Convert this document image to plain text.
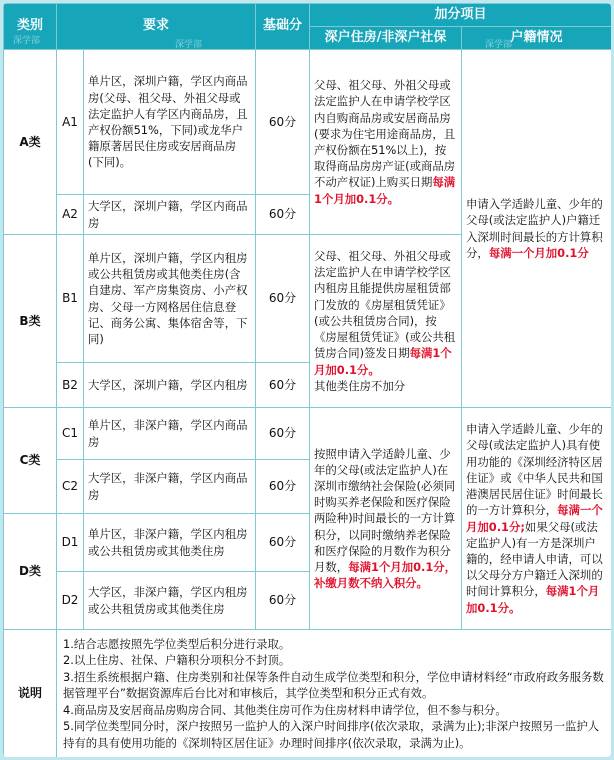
类别	要求		基础分	加分项目	
				深户住房/非深户社保	户籍情况
A类	A1	单片区，深圳户籍，学区内商品房(父母、祖父母、外祖父母或法定监护人有学区内商品房，且产权份额51%，下同)或龙华户籍原著居民住房或安居商品房(下同)。	60分	父母、祖父母、外祖父母或法定监护人在申请学校学区内自购商品房或安居商品房(要求为住宅用途商品房，且产权份额在51%以上)，按取得商品房房产证(或商品房不动产权证)上购买日期每满1个月加0.1分。	申请入学适龄儿童、少年的父母(或法定监护人)户籍迁入深圳时间最长的方计算积分，每满一个月加0.1分
	A2	大学区，深圳户籍，学区内商品房	60分		
B类	B1	单片区，深圳户籍，学区内租房或公共租赁房或其他类住房(含自建房、军产房集资房、小产权房、父母一方网格居住信息登记、商务公寓、集体宿舍等，下同)	60分	父母、祖父母、外祖父母或法定监护人在申请学校学区内租房且能提供房屋租赁部门发放的《房屋租赁凭证》(或公共租赁房合同)，按《房屋租赁凭证》(或公共租赁房合同)签发日期每满1个月加0.1分。
其他类住房不加分	
	B2	大学区，深圳户籍，学区内租房	60分		
C类	C1	单片区，非深户籍，学区内商品房	60分	按照申请入学适龄儿童、少年的父母(或法定监护人)在深圳市缴纳社会保险(必须同时购买养老保险和医疗保险两险种)时间最长的一方计算积分，以同时缴纳养老保险和医疗保险的月数作为积分月数，每满1个月加0.1分，补缴月数不纳入积分。	申请入学适龄儿童、少年的父母(或法定监护人)具有使用功能的《深圳经济特区居住证》或《中华人民共和国港澳居民居住证》时间最长的一方计算积分，每满一个月加0.1分;如果父母(或法定监护人)有一方是深圳户籍的，经申请人申请，可以以父母分方户籍迁入深圳的时间计算积分，每满1个月加0.1分。
	C2	大学区，非深户籍，学区内商品房	60分		
D类	D1	单片区，非深户籍，学区内租房或公共租赁房或其他类住房	60分		
	D2	大学区，非深户籍，学区内租房或公共租赁房或其他类住房	60分		
说明	1.结合志愿按照先学位类型后积分进行录取。
2.以上住房、社保、户籍积分项积分不封顶。
3.招生系统根据户籍、住房类别和社保等条件自动生成学位类型和积分，学位申请材料经“市政府政务服务数据管理平台”数据资源库后台比对和审核后，其学位类型和积分正式有效。
4.商品房及安居商品房购房合同、其他类住房可作为住房材料申请学位，但不参与积分。
5.同学位类型同分时，深户按照另一监护人的入深户时间排序(依次录取，录满为止);非深户按照另一监护人持有的具有使用功能的《深圳特区居住证》办理时间排序(依次录取，录满为止)。				
深学部	深学部	深学部
